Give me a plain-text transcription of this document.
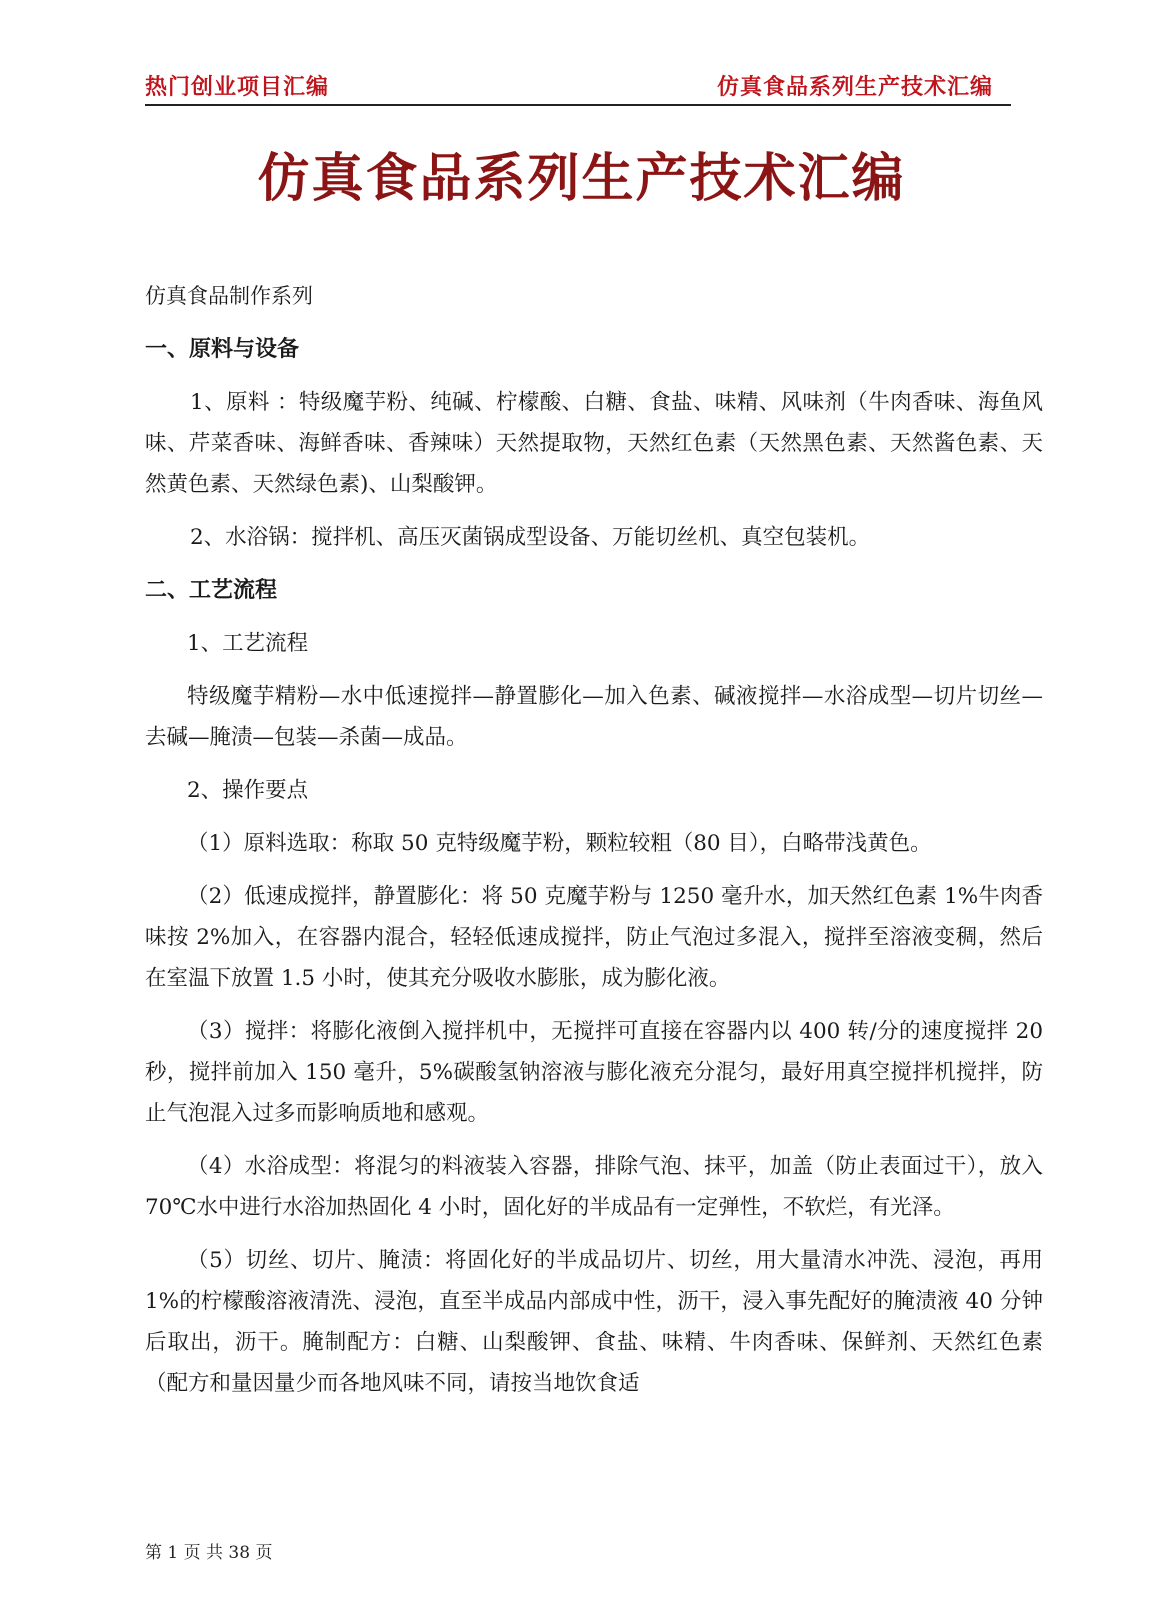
热门创业项目汇编	仿真食品系列生产技术汇编
仿真食品系列生产技术汇编

仿真食品制作系列

一、原料与设备

1、原料 ：特级魔芋粉、纯碱、柠檬酸、白糖、食盐、味精、风味剂（牛肉香味、海鱼风味、芹菜香味、海鲜香味、香辣味）天然提取物，天然红色素（天然黑色素、天然酱色素、天然黄色素、天然绿色素)、山梨酸钾。

2、水浴锅：搅拌机、高压灭菌锅成型设备、万能切丝机、真空包装机。

二、工艺流程

1、工艺流程

特级魔芋精粉—水中低速搅拌—静置膨化—加入色素、碱液搅拌—水浴成型—切片切丝—去碱—腌渍—包装—杀菌—成品。

2、操作要点

（1）原料选取：称取 50 克特级魔芋粉，颗粒较粗（80 目），白略带浅黄色。

（2）低速成搅拌，静置膨化：将 50 克魔芋粉与 1250 毫升水，加天然红色素 1%牛肉香味按 2%加入，在容器内混合，轻轻低速成搅拌，防止气泡过多混入，搅拌至溶液变稠，然后在室温下放置 1.5 小时，使其充分吸收水膨胀，成为膨化液。

（3）搅拌：将膨化液倒入搅拌机中，无搅拌可直接在容器内以 400 转/分的速度搅拌 20 秒，搅拌前加入 150 毫升，5%碳酸氢钠溶液与膨化液充分混匀，最好用真空搅拌机搅拌，防止气泡混入过多而影响质地和感观。

（4）水浴成型：将混匀的料液装入容器，排除气泡、抹平，加盖（防止表面过干），放入 70℃水中进行水浴加热固化 4 小时，固化好的半成品有一定弹性，不软烂，有光泽。

（5）切丝、切片、腌渍：将固化好的半成品切片、切丝，用大量清水冲洗、浸泡，再用 1%的柠檬酸溶液清洗、浸泡，直至半成品内部成中性，沥干，浸入事先配好的腌渍液 40 分钟后取出，沥干。腌制配方：白糖、山梨酸钾、食盐、味精、牛肉香味、保鲜剂、天然红色素（配方和量因量少而各地风味不同，请按当地饮食适

第 1 页 共 38 页
